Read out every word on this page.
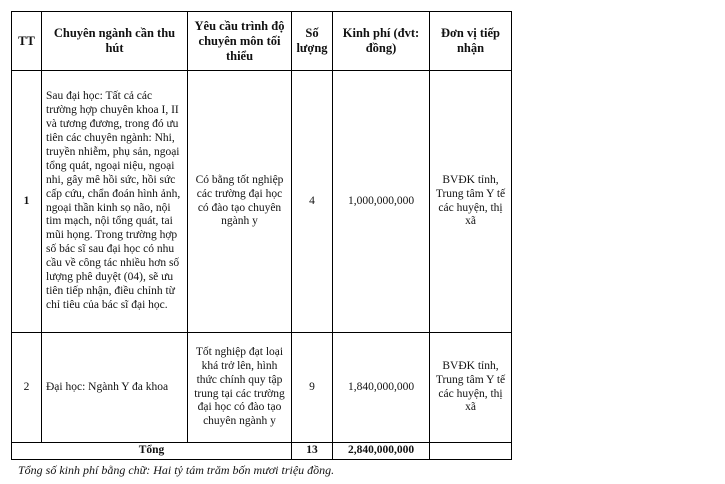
TT	Chuyên ngành cần thu hút	Yêu cầu trình độ chuyên môn tối thiểu	Số lượng	Kinh phí (đvt: đồng)	Đơn vị tiếp nhận
1	Sau đại học: Tất cả các trường hợp chuyên khoa I, II và tương đương, trong đó ưu tiên các chuyên ngành: Nhi, truyền nhiễm, phụ sản, ngoại tổng quát, ngoại niệu, ngoại nhi, gây mê hồi sức, hồi sức cấp cứu, chẩn đoán hình ảnh, ngoại thần kinh sọ não, nội tim mạch, nội tổng quát, tai mũi họng. Trong trường hợp số bác sĩ sau đại học có nhu cầu về công tác nhiều hơn số lượng phê duyệt (04), sẽ ưu tiên tiếp nhận, điều chỉnh từ chỉ tiêu của bác sĩ đại học.	Có bằng tốt nghiệp các trường đại học có đào tạo chuyên ngành y	4	1,000,000,000	BVĐK tỉnh, Trung tâm Y tế các huyện, thị xã
2	Đại học: Ngành Y đa khoa	Tốt nghiệp đạt loại khá trở lên, hình thức chính quy tập trung tại các trường đại học có đào tạo chuyên ngành y	9	1,840,000,000	BVĐK tỉnh, Trung tâm Y tế các huyện, thị xã
Tổng			13	2,840,000,000	
Tổng số kinh phí bằng chữ: Hai tỷ tám trăm bốn mươi triệu đồng.
